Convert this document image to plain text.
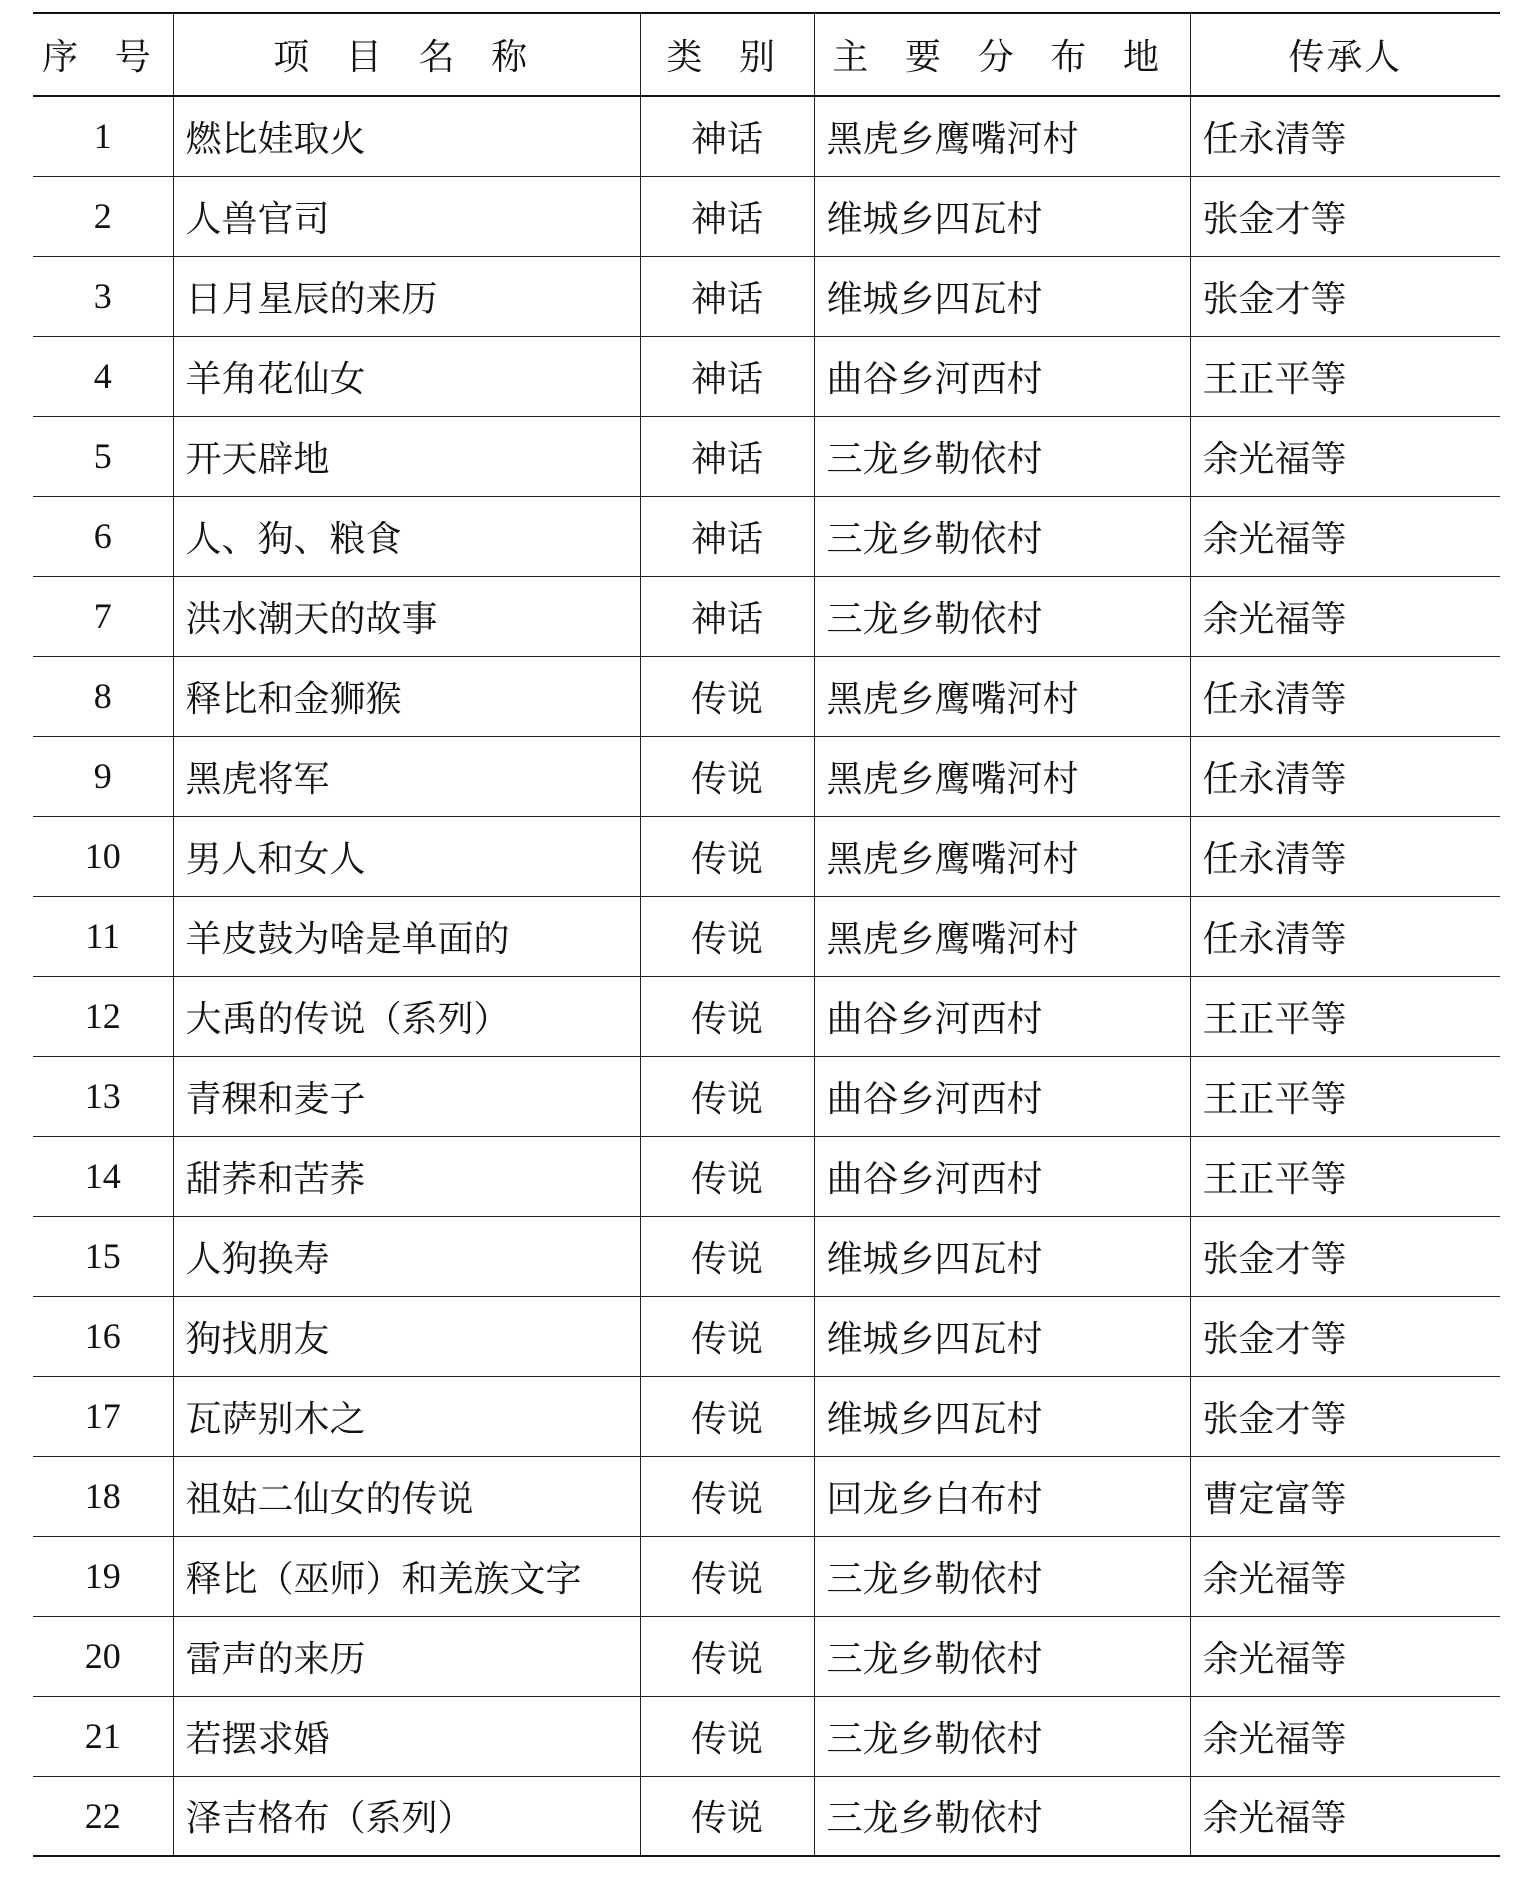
序 号	项 目 名 称	类 别	主 要 分 布 地	传承人
1	燃比娃取火	神话	黑虎乡鹰嘴河村	任永清等
2	人兽官司	神话	维城乡四瓦村	张金才等
3	日月星辰的来历	神话	维城乡四瓦村	张金才等
4	羊角花仙女	神话	曲谷乡河西村	王正平等
5	开天辟地	神话	三龙乡勒依村	余光福等
6	人、狗、粮食	神话	三龙乡勒依村	余光福等
7	洪水潮天的故事	神话	三龙乡勒依村	余光福等
8	释比和金狮猴	传说	黑虎乡鹰嘴河村	任永清等
9	黑虎将军	传说	黑虎乡鹰嘴河村	任永清等
10	男人和女人	传说	黑虎乡鹰嘴河村	任永清等
11	羊皮鼓为啥是单面的	传说	黑虎乡鹰嘴河村	任永清等
12	大禹的传说（系列）	传说	曲谷乡河西村	王正平等
13	青稞和麦子	传说	曲谷乡河西村	王正平等
14	甜荞和苦荞	传说	曲谷乡河西村	王正平等
15	人狗换寿	传说	维城乡四瓦村	张金才等
16	狗找朋友	传说	维城乡四瓦村	张金才等
17	瓦萨别木之	传说	维城乡四瓦村	张金才等
18	祖姑二仙女的传说	传说	回龙乡白布村	曹定富等
19	释比（巫师）和羌族文字	传说	三龙乡勒依村	余光福等
20	雷声的来历	传说	三龙乡勒依村	余光福等
21	若摆求婚	传说	三龙乡勒依村	余光福等
22	泽吉格布（系列）	传说	三龙乡勒依村	余光福等
